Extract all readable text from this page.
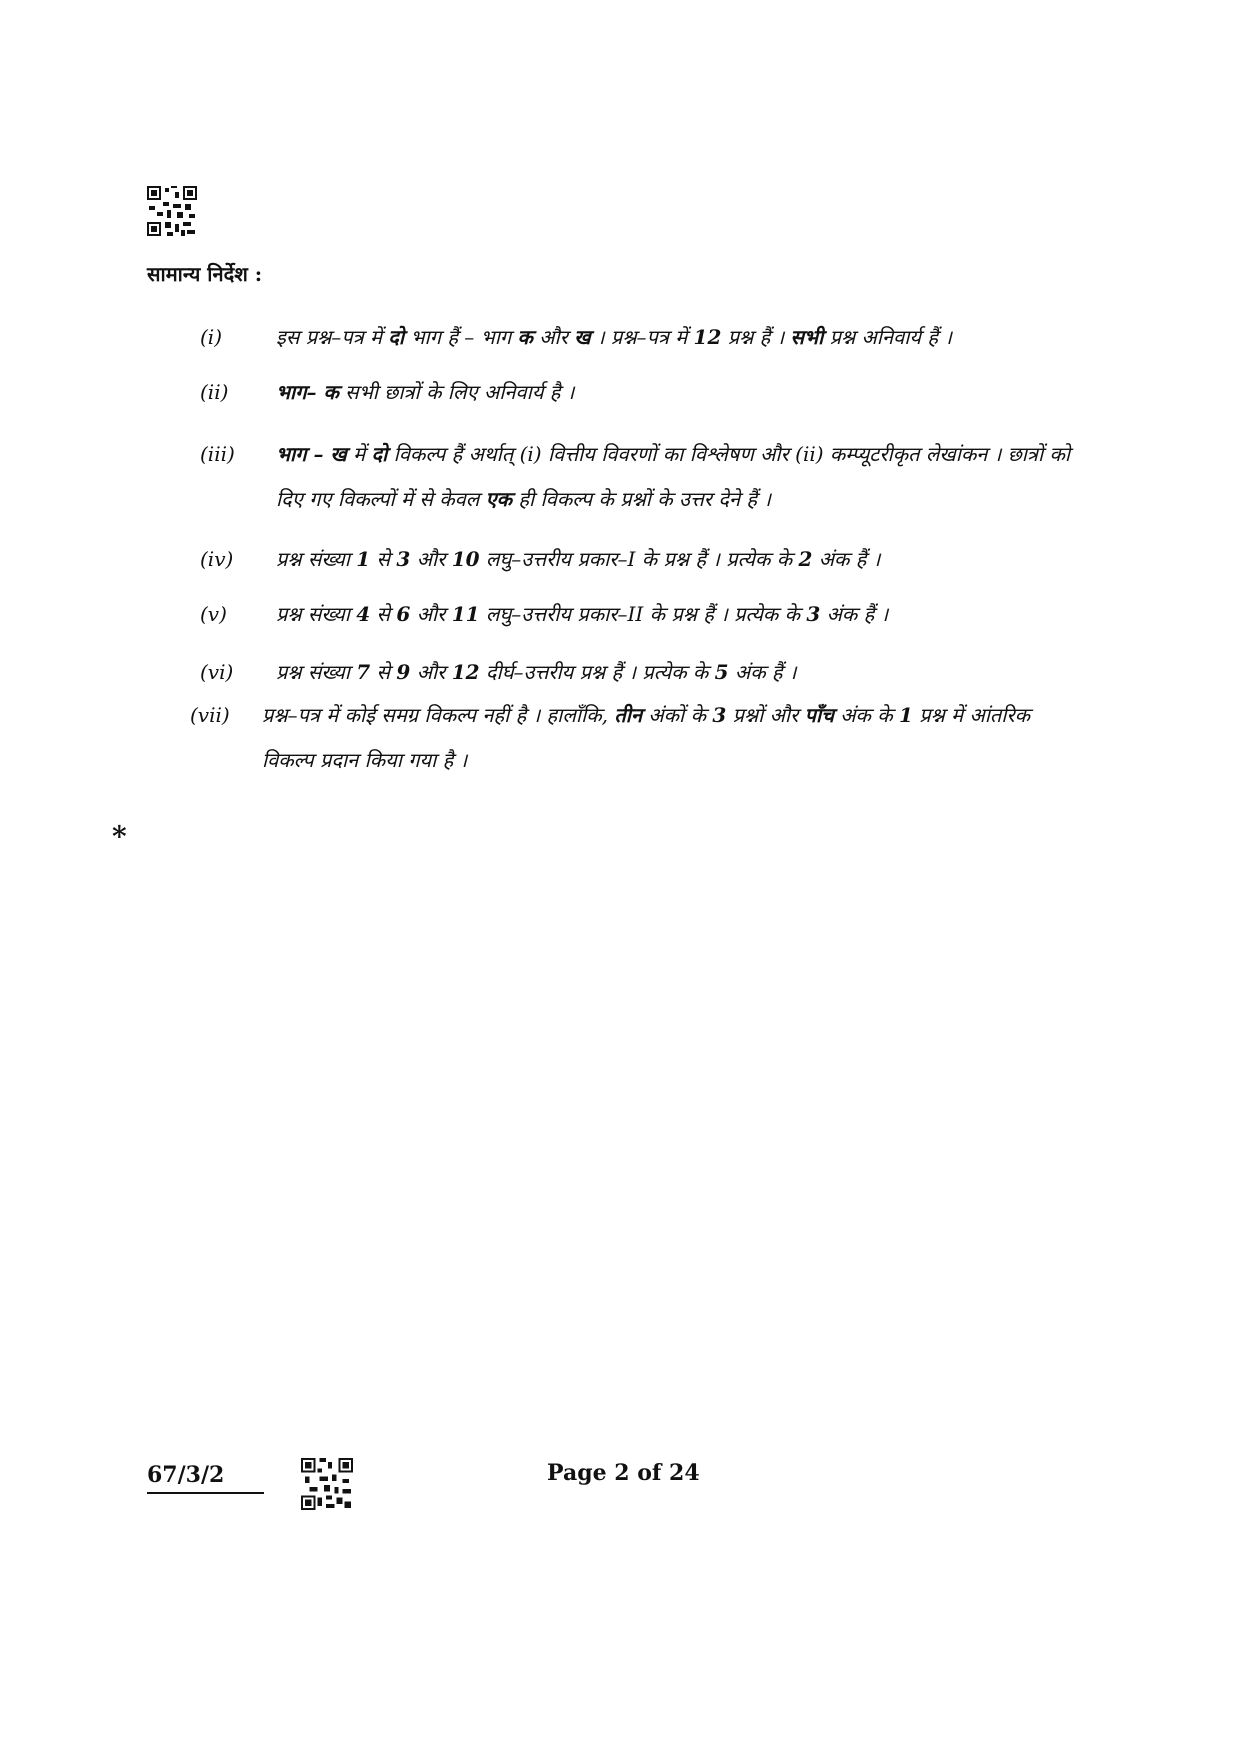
सामान्य निर्देश :
(i)	इस प्रश्न–पत्र में दो भाग हैं – भाग क और ख । प्रश्न–पत्र में 12 प्रश्न हैं । सभी प्रश्न अनिवार्य हैं ।
(ii) भाग– क सभी छात्रों के लिए अनिवार्य है ।
(iii) भाग – ख में दो विकल्प हैं अर्थात् (i) वित्तीय विवरणों का विश्लेषण और (ii) कम्प्यूटरीकृत लेखांकन । छात्रों को दिए गए विकल्पों में से केवल एक ही विकल्प के प्रश्नों के उत्तर देने हैं ।
(iv) प्रश्न संख्या 1 से 3 और 10 लघु–उत्तरीय प्रकार–I के प्रश्न हैं । प्रत्येक के 2 अंक हैं ।
(v) प्रश्न संख्या 4 से 6 और 11 लघु–उत्तरीय प्रकार–II के प्रश्न हैं । प्रत्येक के 3 अंक हैं ।
(vi) प्रश्न संख्या 7 से 9 और 12 दीर्घ–उत्तरीय प्रश्न हैं । प्रत्येक के 5 अंक हैं ।
(vii) प्रश्न–पत्र में कोई समग्र विकल्प नहीं है । हालाँकि, तीन अंकों के 3 प्रश्नों और पाँच अंक के 1 प्रश्न में आंतरिक विकल्प प्रदान किया गया है ।
*
67/3/2	Page 2 of 24
